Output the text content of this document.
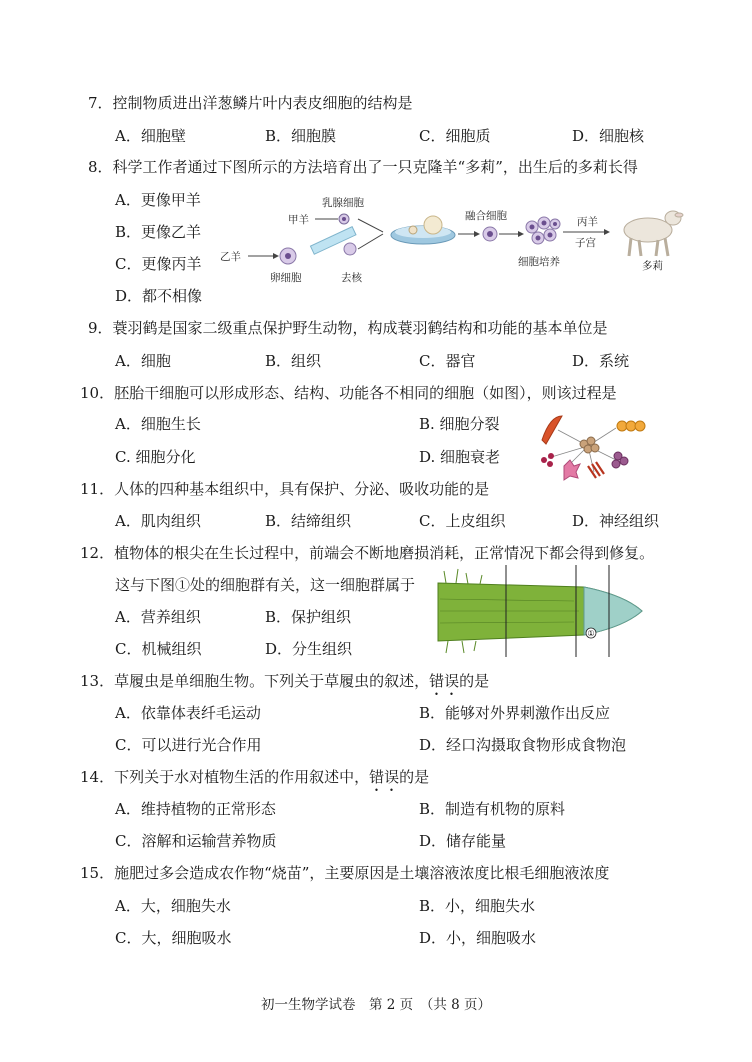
7．控制物质进出洋葱鳞片叶内表皮细胞的结构是
A．细胞壁	B．细胞膜	C．细胞质	D．细胞核
8．科学工作者通过下图所示的方法培育出了一只克隆羊“多莉”，出生后的多莉长得
A．更像甲羊
B．更像乙羊
C．更像丙羊
D．都不相像
乳腺细胞
甲羊
乙羊
卵细胞	去核
融合细胞
细胞培养
丙羊
子宫
多莉
9．蓑羽鹤是国家二级重点保护野生动物，构成蓑羽鹤结构和功能的基本单位是
A．细胞	B．组织	C．器官	D．系统
10．胚胎干细胞可以形成形态、结构、功能各不相同的细胞（如图），则该过程是
A．细胞生长	B. 细胞分裂
C. 细胞分化	D. 细胞衰老
11．人体的四种基本组织中，具有保护、分泌、吸收功能的是
A．肌肉组织	B．结缔组织	C．上皮组织	D．神经组织
12．植物体的根尖在生长过程中，前端会不断地磨损消耗，正常情况下都会得到修复。
这与下图①处的细胞群有关，这一细胞群属于
A．营养组织	B．保护组织
C．机械组织	D．分生组织
①
13．草履虫是单细胞生物。下列关于草履虫的叙述，错误的是
A．依靠体表纤毛运动	B．能够对外界刺激作出反应
C．可以进行光合作用	D．经口沟摄取食物形成食物泡
14．下列关于水对植物生活的作用叙述中，错误的是
A．维持植物的正常形态	B．制造有机物的原料
C．溶解和运输营养物质	D．储存能量
15．施肥过多会造成农作物“烧苗”，主要原因是土壤溶液浓度比根毛细胞液浓度
A．大，细胞失水	B．小，细胞失水
C．大，细胞吸水	D．小，细胞吸水
初一生物学试卷　第 2 页　（共 8 页）
